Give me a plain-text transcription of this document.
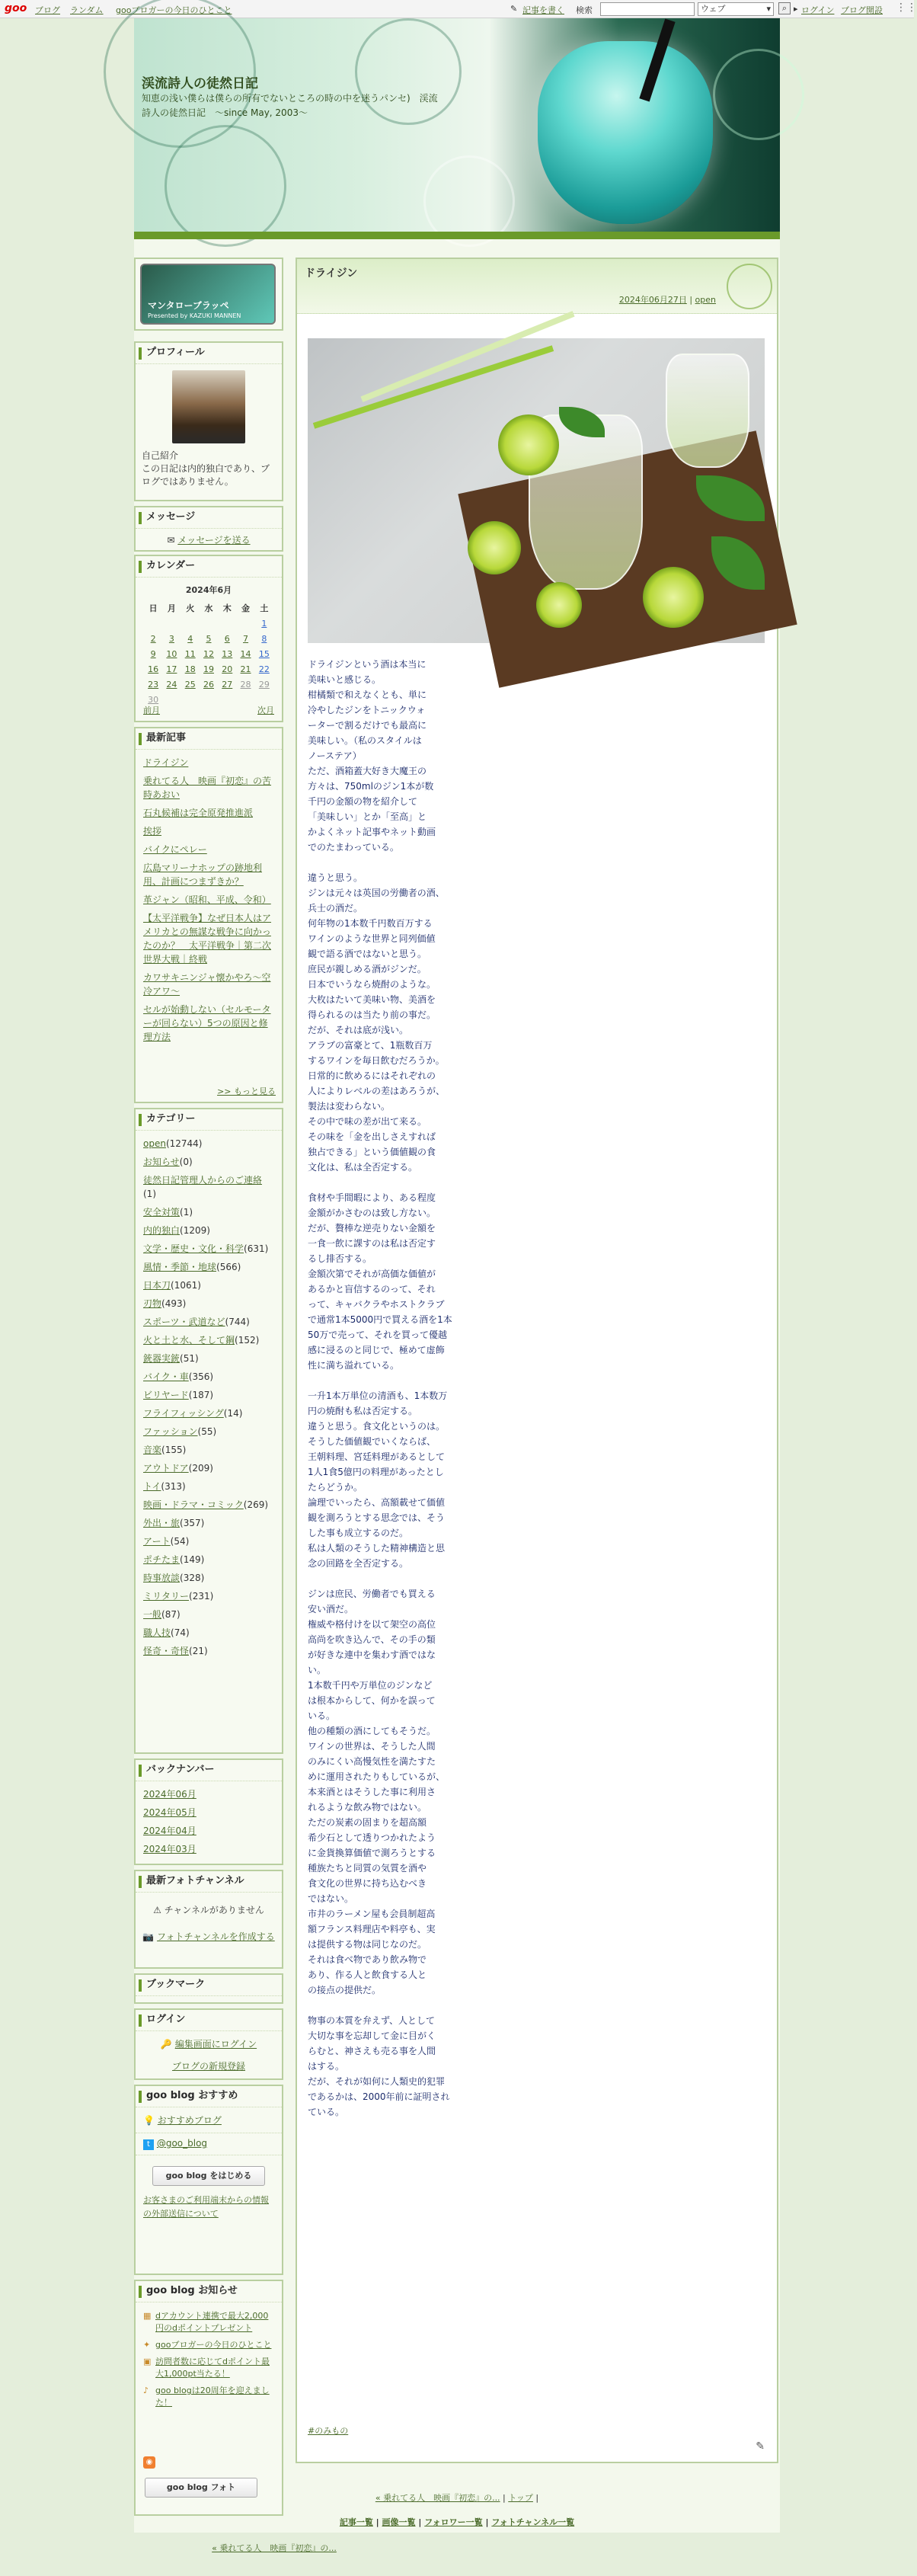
goo ブログ ランダム gooブロガーの今日のひとこと	✎ 記事を書く 検索	ウェブ	▾	⌕ ▸ ログイン ブログ開設 ⋮⋮
渓流詩人の徒然日記
知恵の浅い僕らは僕らの所有でないところの時の中を迷うパンセ)　渓流詩人の徒然日記　～since May, 2003～
マンタローブラッペ
Presented by KAZUKI MANNEN
プロフィール
自己紹介
この日記は内的独白であり、ブログではありません。
メッセージ
✉ メッセージを送る
カレンダー
2024年6月
日	月	火	水	木	金	土
						1
2	3	4	5	6	7	8
9	10	11	12	13	14	15
16	17	18	19	20	21	22
23	24	25	26	27	28	29
30						
前月	次月
最新記事
ドライジン
乗れてる人　映画『初恋』の苦時あおい
石丸候補は完全原発推進派
挨拶
バイクにペレー
広島マリーナホップの跡地利用、計画につまずきか？
革ジャン（昭和、平成、令和）
【太平洋戦争】なぜ日本人はアメリカとの無謀な戦争に向かったのか？　太平洋戦争｜第二次世界大戦｜終戦
カワサキニンジャ懐かやろ～空冷アワ～
セルが始動しない（セルモーターが回らない）5つの原因と修理方法
>> もっと見る
カテゴリー
open(12744)
お知らせ(0)
徒然日記管理人からのご連絡(1)
安全対策(1)
内的独白(1209)
文学・歴史・文化・科学(631)
風情・季節・地球(566)
日本刀(1061)
刃物(493)
スポーツ・武道など(744)
火と土と水、そして鋼(152)
銃器実銃(51)
バイク・車(356)
ビリヤード(187)
フライフィッシング(14)
ファッション(55)
音楽(155)
アウトドア(209)
トイ(313)
映画・ドラマ・コミック(269)
外出・旅(357)
アート(54)
ポチたま(149)
時事放談(328)
ミリタリー(231)
一般(87)
職人技(74)
怪奇・奇怪(21)
バックナンバー
2024年06月
2024年05月
2024年04月
2024年03月
最新フォトチャンネル
⚠ チャンネルがありません
📷 フォトチャンネルを作成する
ブックマーク
ログイン
🔑 編集画面にログイン
ブログの新規登録
goo blog おすすめ
💡 おすすめブログ
t @goo_blog
goo blog をはじめる
お客さまのご利用端末からの情報の外部送信について
goo blog お知らせ
▦ dアカウント連携で最大2,000円のdポイントプレゼント
✦ gooブロガーの今日のひとこと
▣ 訪問者数に応じてdポイント最大1,000pt当たる！
♪ goo blogは20周年を迎えました！
◉
goo blog フォト
ドライジン
2024年06月27日 | open
ドライジンという酒は本当に
美味いと感じる。
柑橘類で和えなくとも、単に
冷やしたジンをトニックウォ
ーターで割るだけでも最高に
美味しい。（私のスタイルは
ノーステア）
ただ、酒箱蓋大好き大魔王の
方々は、750mlのジン1本が数
千円の金額の物を紹介して
「美味しい」とか「至高」と
かよくネット記事やネット動画
でのたまわっている。

違うと思う。
ジンは元々は英国の労働者の酒、
兵士の酒だ。
何年物の1本数千円数百万する
ワインのような世界と同列価値
観で語る酒ではないと思う。
庶民が親しめる酒がジンだ。
日本でいうなら焼酎のような。
大枚はたいて美味い物、美酒を
得られるのは当たり前の事だ。
だが、それは底が浅い。
アラブの富豪とて、1瓶数百万
するワインを毎日飲むだろうか。
日常的に飲めるにはそれぞれの
人によりレベルの差はあろうが、
製法は変わらない。
その中で味の差が出て来る。
その味を「金を出しさえすれば
独占できる」という価値観の食
文化は、私は全否定する。

食材や手間暇により、ある程度
金額がかさむのは致し方ない。
だが、贅棒な逆売りない金額を
一食一飲に課すのは私は否定す
るし排否する。
金額次第でそれが高価な価値が
あるかと盲信するのって、それ
って、キャバクラやホストクラブ
で通常1本5000円で買える酒を1本
50万で売って、それを買って優越
感に浸るのと同じで、極めて虚飾
性に満ち溢れている。

一升1本万単位の清酒も、1本数万
円の焼酎も私は否定する。
違うと思う。食文化というのは。
そうした価値観でいくならば、
王朝料理、宮廷料理があるとして
1人1食5億円の料理があったとし
たらどうか。
論理でいったら、高額載せて価値
観を測ろうとする思念では、そう
した事も成立するのだ。
私は人類のそうした精神構造と思
念の回路を全否定する。

ジンは庶民、労働者でも買える
安い酒だ。
権威や格付けを以て架空の高位
高尚を吹き込んで、その手の類
が好きな連中を集わす酒ではな
い。
1本数千円や万単位のジンなど
は根本からして、何かを誤って
いる。
他の種類の酒にしてもそうだ。
ワインの世界は、そうした人間
のみにくい高慢気性を満たすた
めに運用されたりもしているが、
本来酒とはそうした事に利用さ
れるような飲み物ではない。
ただの炭素の固まりを超高額
希少石として透りつかれたよう
に金貨換算価値で測ろうとする
種族たちと同質の気質を酒や
食文化の世界に持ち込むべき
ではない。
市井のラーメン屋も会員制超高
額フランス料理店や料亭も、実
は提供する物は同じなのだ。
それは食べ物であり飲み物で
あり、作る人と飲食する人と
の接点の提供だ。

物事の本質を弁えず、人として
大切な事を忘却して金に目がく
らむと、神さえも売る事を人間
はする。
だが、それが如何に人類史的犯罪
であるかは、2000年前に証明され
ている。
#のみもの
✎
« 乗れてる人　映画『初恋』の... | トップ |
記事一覧 | 画像一覧 | フォロワー一覧 | フォトチャンネル一覧
« 乗れてる人　映画『初恋』の...
